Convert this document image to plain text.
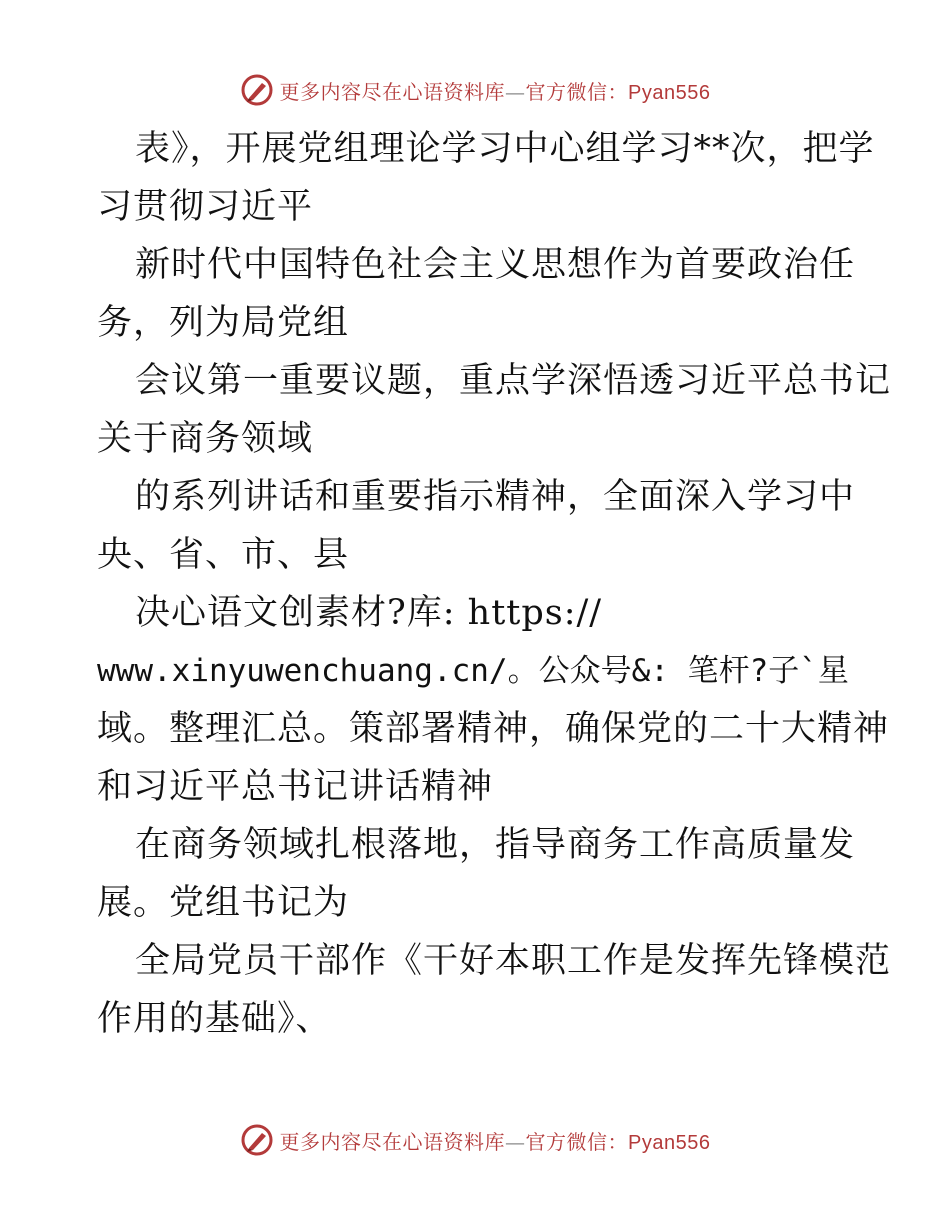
更多内容尽在心语资料库—官方微信：Pyan556
表》，开展党组理论学习中心组学习**次，把学
习贯彻习近平
新时代中国特色社会主义思想作为首要政治任
务，列为局党组
会议第一重要议题，重点学深悟透习近平总书记
关于商务领域
的系列讲话和重要指示精神，全面深入学习中
央、省、市、县
决心语文创素材?库: https://
www.xinyuwenchuang.cn/。公众号&: 笔杆?子`星
域。整理汇总。策部署精神，确保党的二十大精神
和习近平总书记讲话精神
在商务领域扎根落地，指导商务工作高质量发
展。党组书记为
全局党员干部作《干好本职工作是发挥先锋模范
作用的基础》、
更多内容尽在心语资料库—官方微信：Pyan556
